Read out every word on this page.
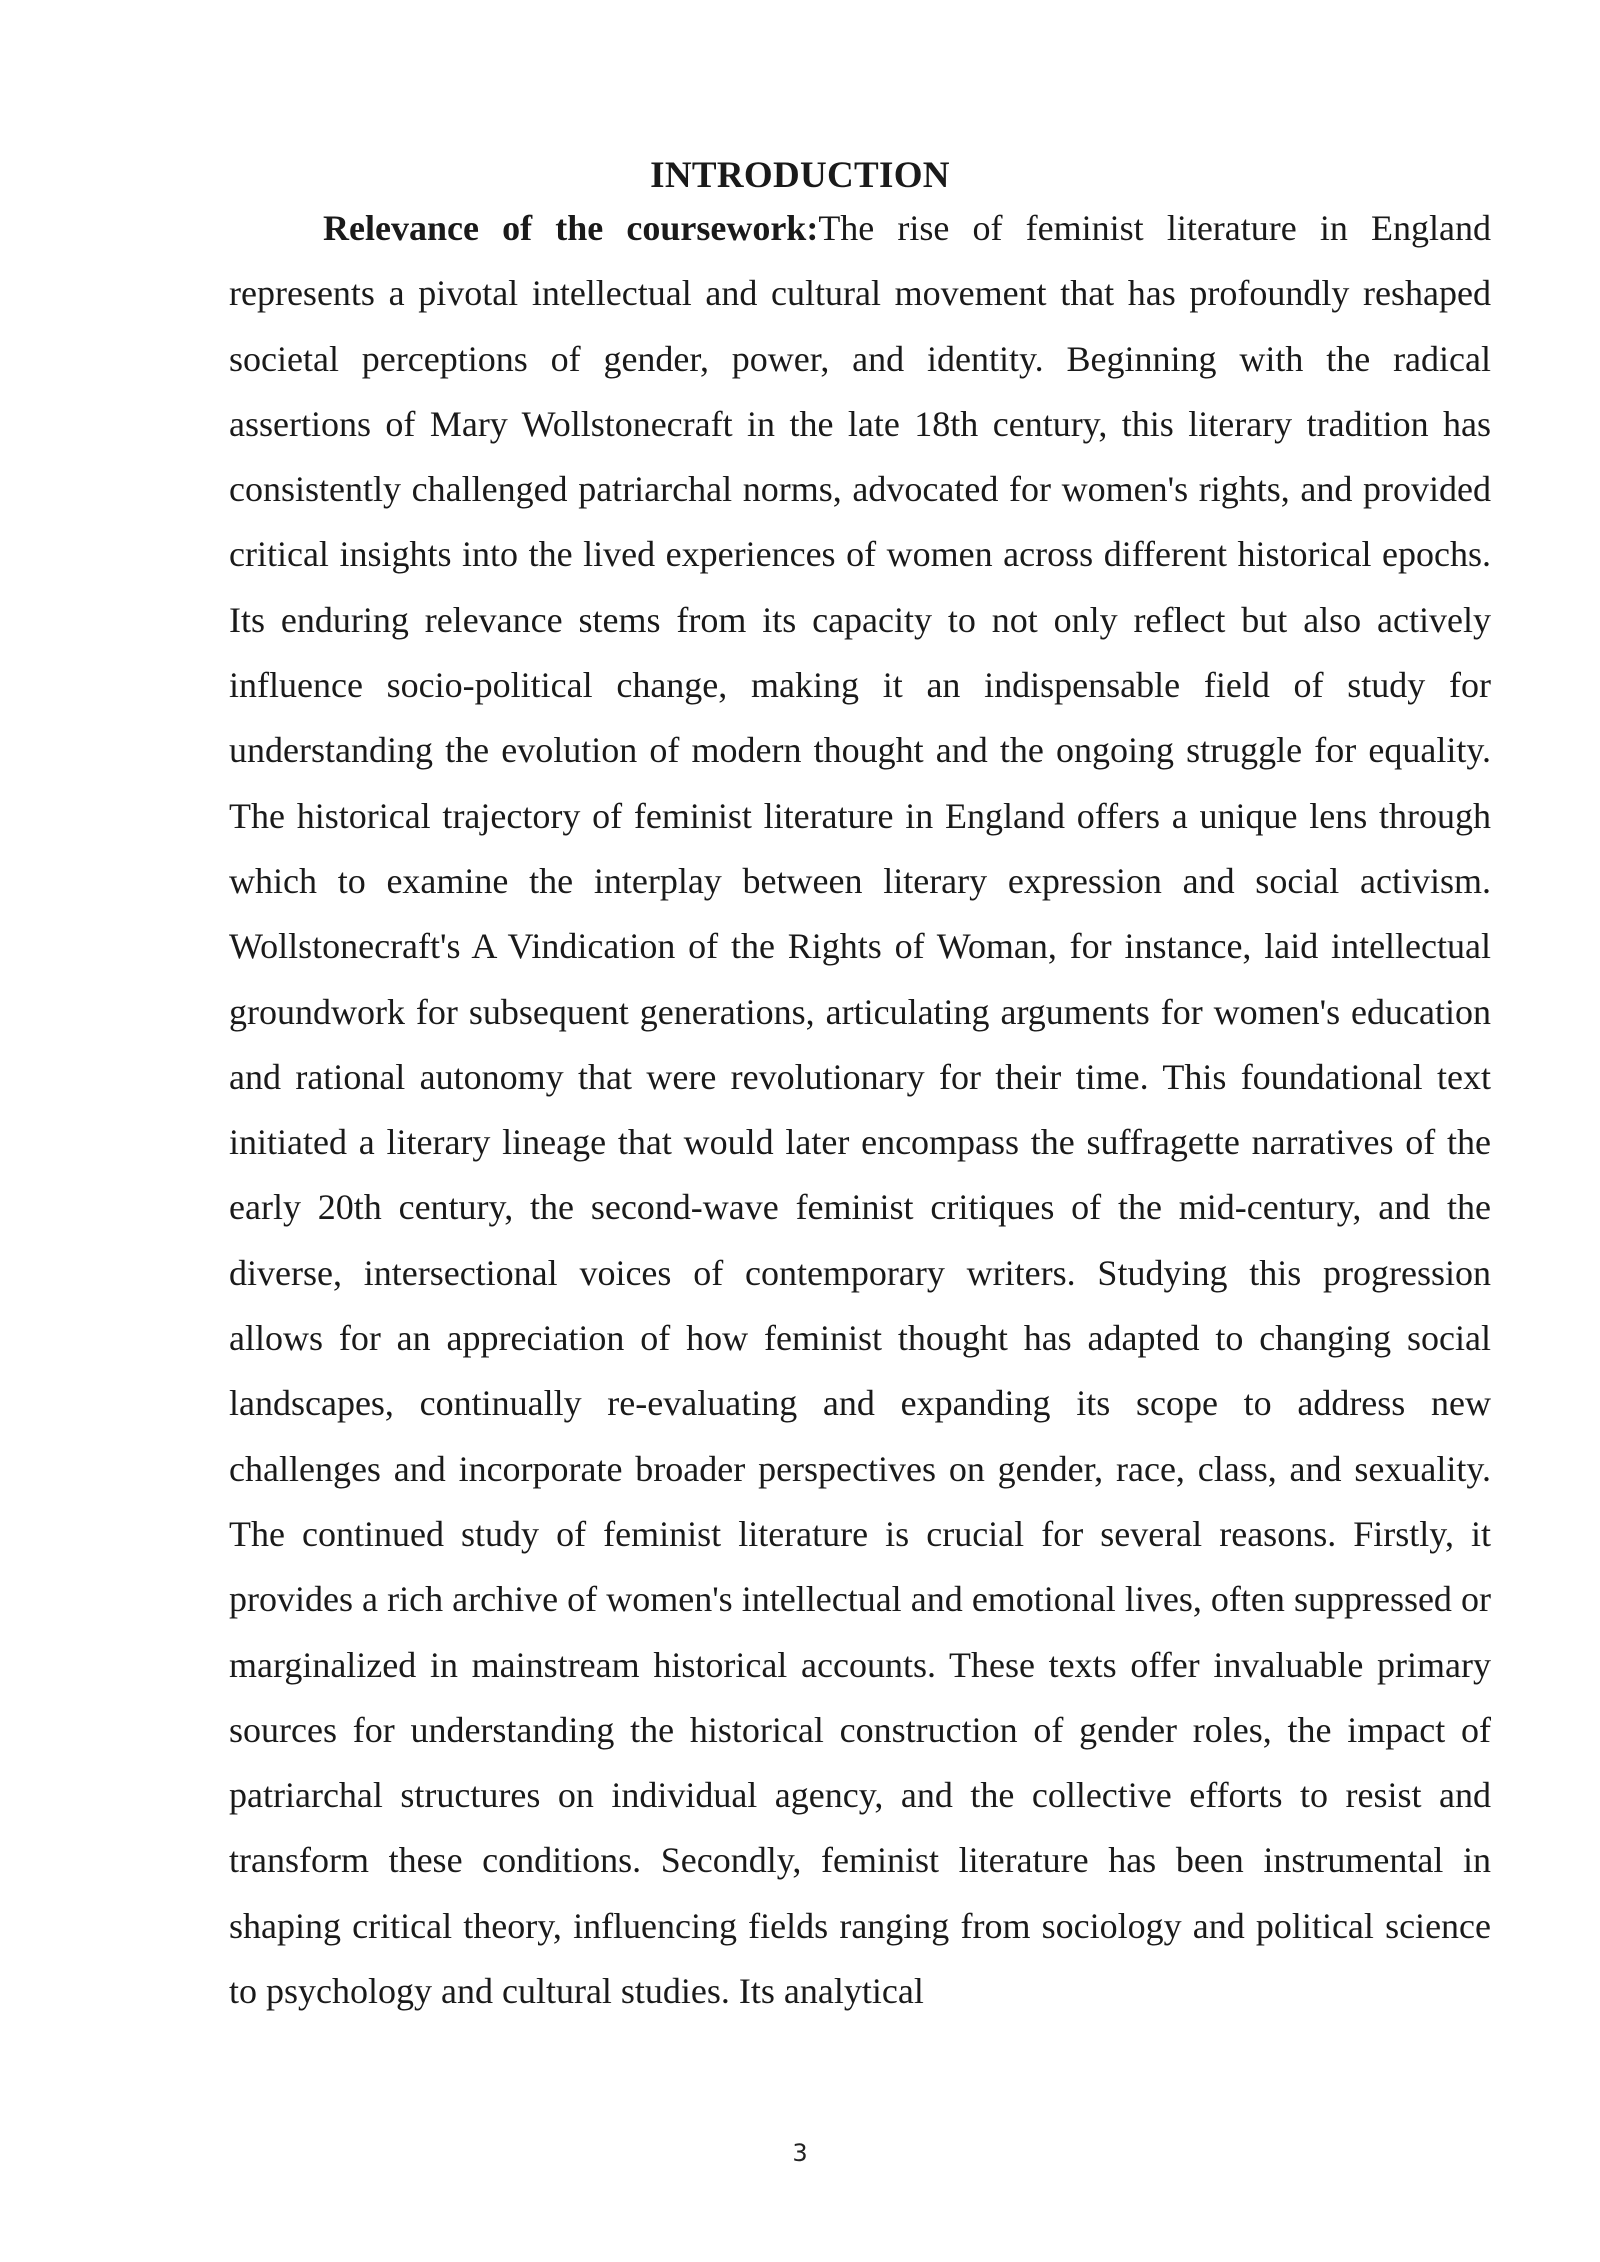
INTRODUCTION

Relevance of the coursework:The rise of feminist literature in England represents a pivotal intellectual and cultural movement that has profoundly reshaped societal perceptions of gender, power, and identity. Beginning with the radical assertions of Mary Wollstonecraft in the late 18th century, this literary tradition has consistently challenged patriarchal norms, advocated for women's rights, and provided critical insights into the lived experiences of women across different historical epochs. Its enduring relevance stems from its capacity to not only reflect but also actively influence socio-political change, making it an indispensable field of study for understanding the evolution of modern thought and the ongoing struggle for equality. The historical trajectory of feminist literature in England offers a unique lens through which to examine the interplay between literary expression and social activism. Wollstonecraft's A Vindication of the Rights of Woman, for instance, laid intellectual groundwork for subsequent generations, articulating arguments for women's education and rational autonomy that were revolutionary for their time. This foundational text initiated a literary lineage that would later encompass the suffragette narratives of the early 20th century, the second-wave feminist critiques of the mid-century, and the diverse, intersectional voices of contemporary writers. Studying this progression allows for an appreciation of how feminist thought has adapted to changing social landscapes, continually re-evaluating and expanding its scope to address new challenges and incorporate broader perspectives on gender, race, class, and sexuality. The continued study of feminist literature is crucial for several reasons. Firstly, it provides a rich archive of women's intellectual and emotional lives, often suppressed or marginalized in mainstream historical accounts. These texts offer invaluable primary sources for understanding the historical construction of gender roles, the impact of patriarchal structures on individual agency, and the collective efforts to resist and transform these conditions. Secondly, feminist literature has been instrumental in shaping critical theory, influencing fields ranging from sociology and political science to psychology and cultural studies. Its analytical

3
